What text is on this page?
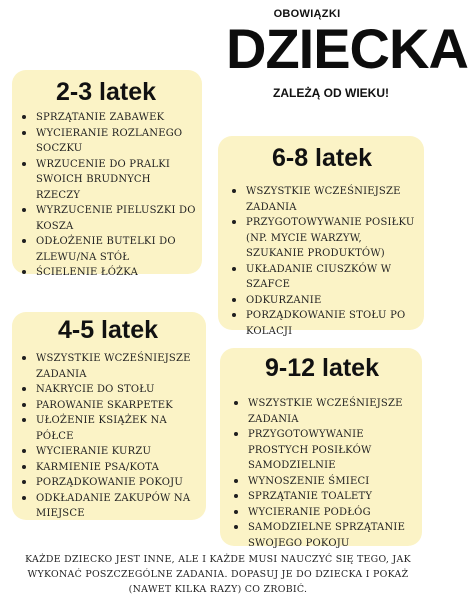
OBOWIĄZKI
DZIECKA
ZALEŻĄ OD WIEKU!
2-3 latek
SPRZĄTANIE ZABAWEK
WYCIERANIE ROZLANEGO SOCZKU
WRZUCENIE DO PRALKI SWOICH BRUDNYCH RZECZY
WYRZUCENIE PIELUSZKI DO KOSZA
ODŁOŻENIE BUTELKI DO ZLEWU/NA STÓŁ
ŚCIELENIE ŁÓŻKA
6-8 latek
WSZYSTKIE WCZEŚNIEJSZE ZADANIA
PRZYGOTOWYWANIE POSIŁKU (NP. MYCIE WARZYW, SZUKANIE PRODUKTÓW)
UKŁADANIE CIUSZKÓW W SZAFCE
ODKURZANIE
PORZĄDKOWANIE STOŁU PO KOLACJI
4-5 latek
WSZYSTKIE WCZEŚNIEJSZE ZADANIA
NAKRYCIE DO STOŁU
PAROWANIE SKARPETEK
UŁOŻENIE KSIĄŻEK NA PÓŁCE
WYCIERANIE KURZU
KARMIENIE PSA/KOTA
PORZĄDKOWANIE POKOJU
ODKŁADANIE ZAKUPÓW NA MIEJSCE
9-12 latek
WSZYSTKIE WCZEŚNIEJSZE ZADANIA
PRZYGOTOWYWANIE PROSTYCH POSIŁKÓW SAMODZIELNIE
WYNOSZENIE ŚMIECI
SPRZĄTANIE TOALETY
WYCIERANIE PODŁÓG
SAMODZIELNE SPRZĄTANIE SWOJEGO POKOJU
KAŻDE DZIECKO JEST INNE, ALE I KAŻDE MUSI NAUCZYĆ SIĘ TEGO, JAK WYKONAĆ POSZCZEGÓLNE ZADANIA. DOPASUJ JE DO DZIECKA I POKAŻ (NAWET KILKA RAZY) CO ZROBIĆ.
